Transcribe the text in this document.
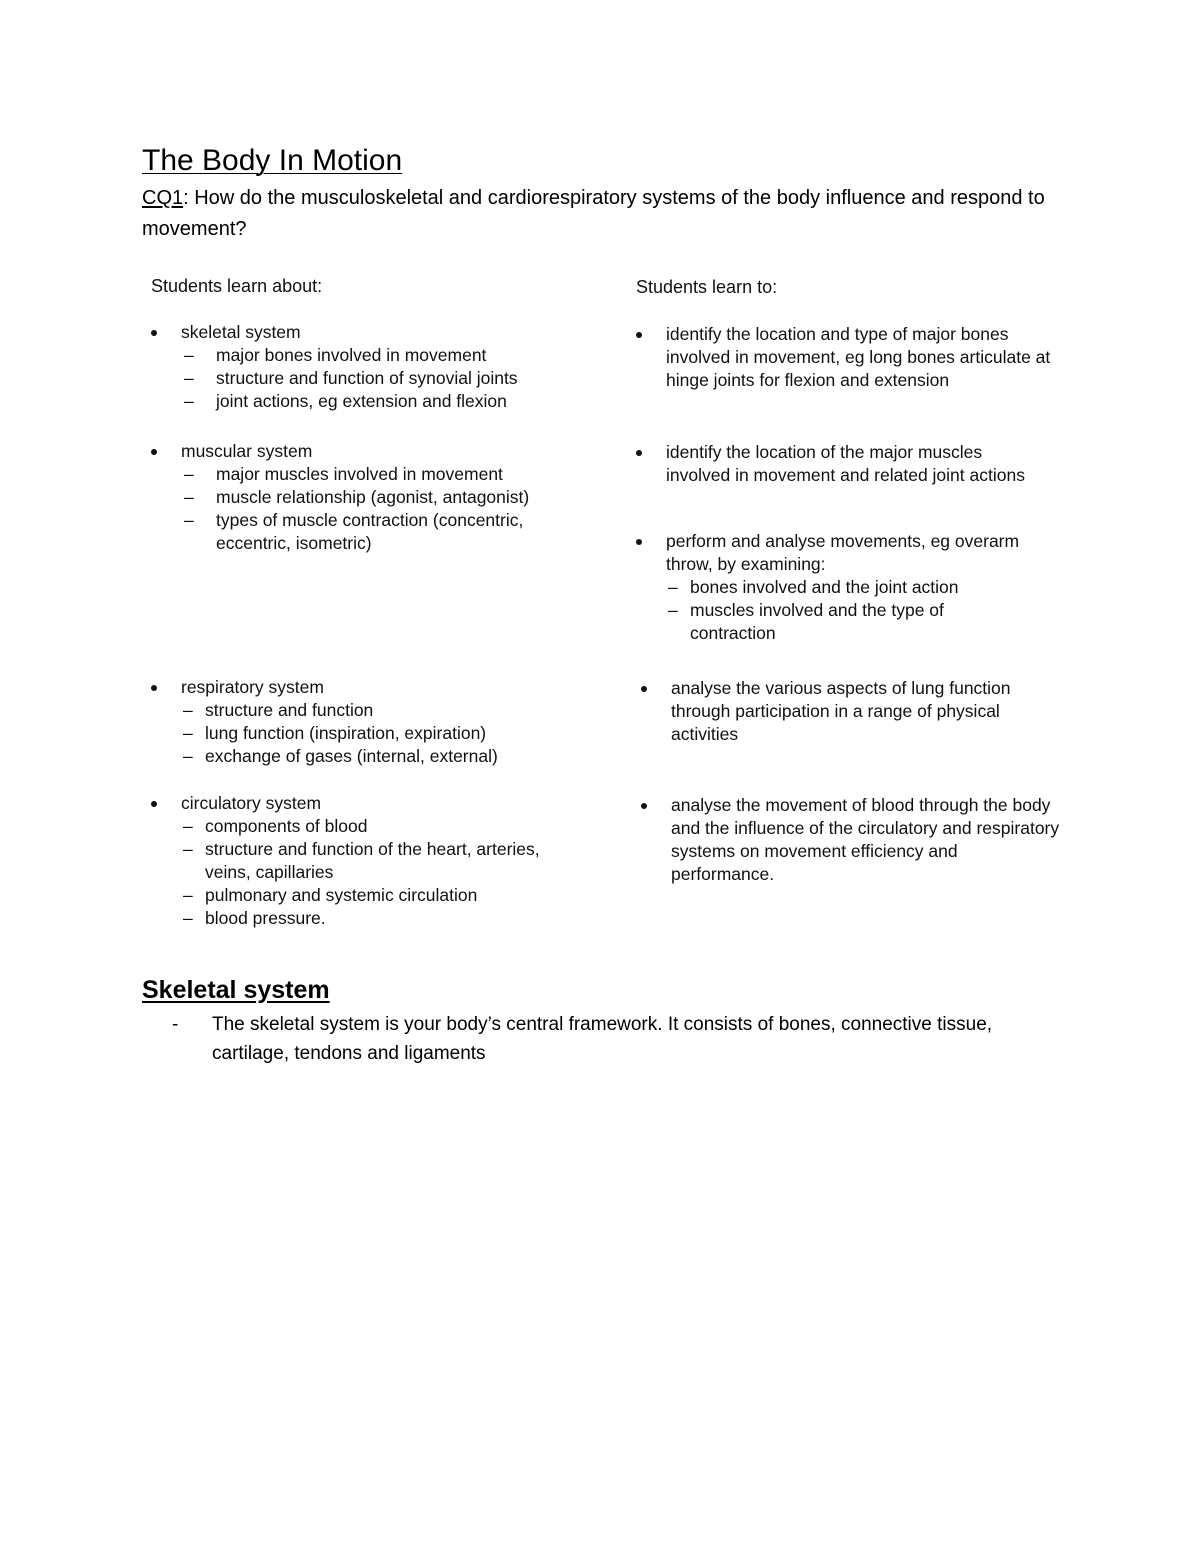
The Body In Motion

CQ1: How do the musculoskeletal and cardiorespiratory systems of the body influence and respond to movement?

Students learn about:	Students learn to:
skeletal system
– major bones involved in movement
– structure and function of synovial joints
– joint actions, eg extension and flexion
muscular system
– major muscles involved in movement
– muscle relationship (agonist, antagonist)
– types of muscle contraction (concentric, eccentric, isometric)
respiratory system
– structure and function
– lung function (inspiration, expiration)
– exchange of gases (internal, external)
circulatory system
– components of blood
– structure and function of the heart, arteries, veins, capillaries
– pulmonary and systemic circulation
– blood pressure.
identify the location and type of major bones involved in movement, eg long bones articulate at hinge joints for flexion and extension
identify the location of the major muscles involved in movement and related joint actions
perform and analyse movements, eg overarm throw, by examining:
– bones involved and the joint action
– muscles involved and the type of contraction
analyse the various aspects of lung function through participation in a range of physical activities
analyse the movement of blood through the body and the influence of the circulatory and respiratory systems on movement efficiency and performance.
Skeletal system
- The skeletal system is your body’s central framework. It consists of bones, connective tissue, cartilage, tendons and ligaments
